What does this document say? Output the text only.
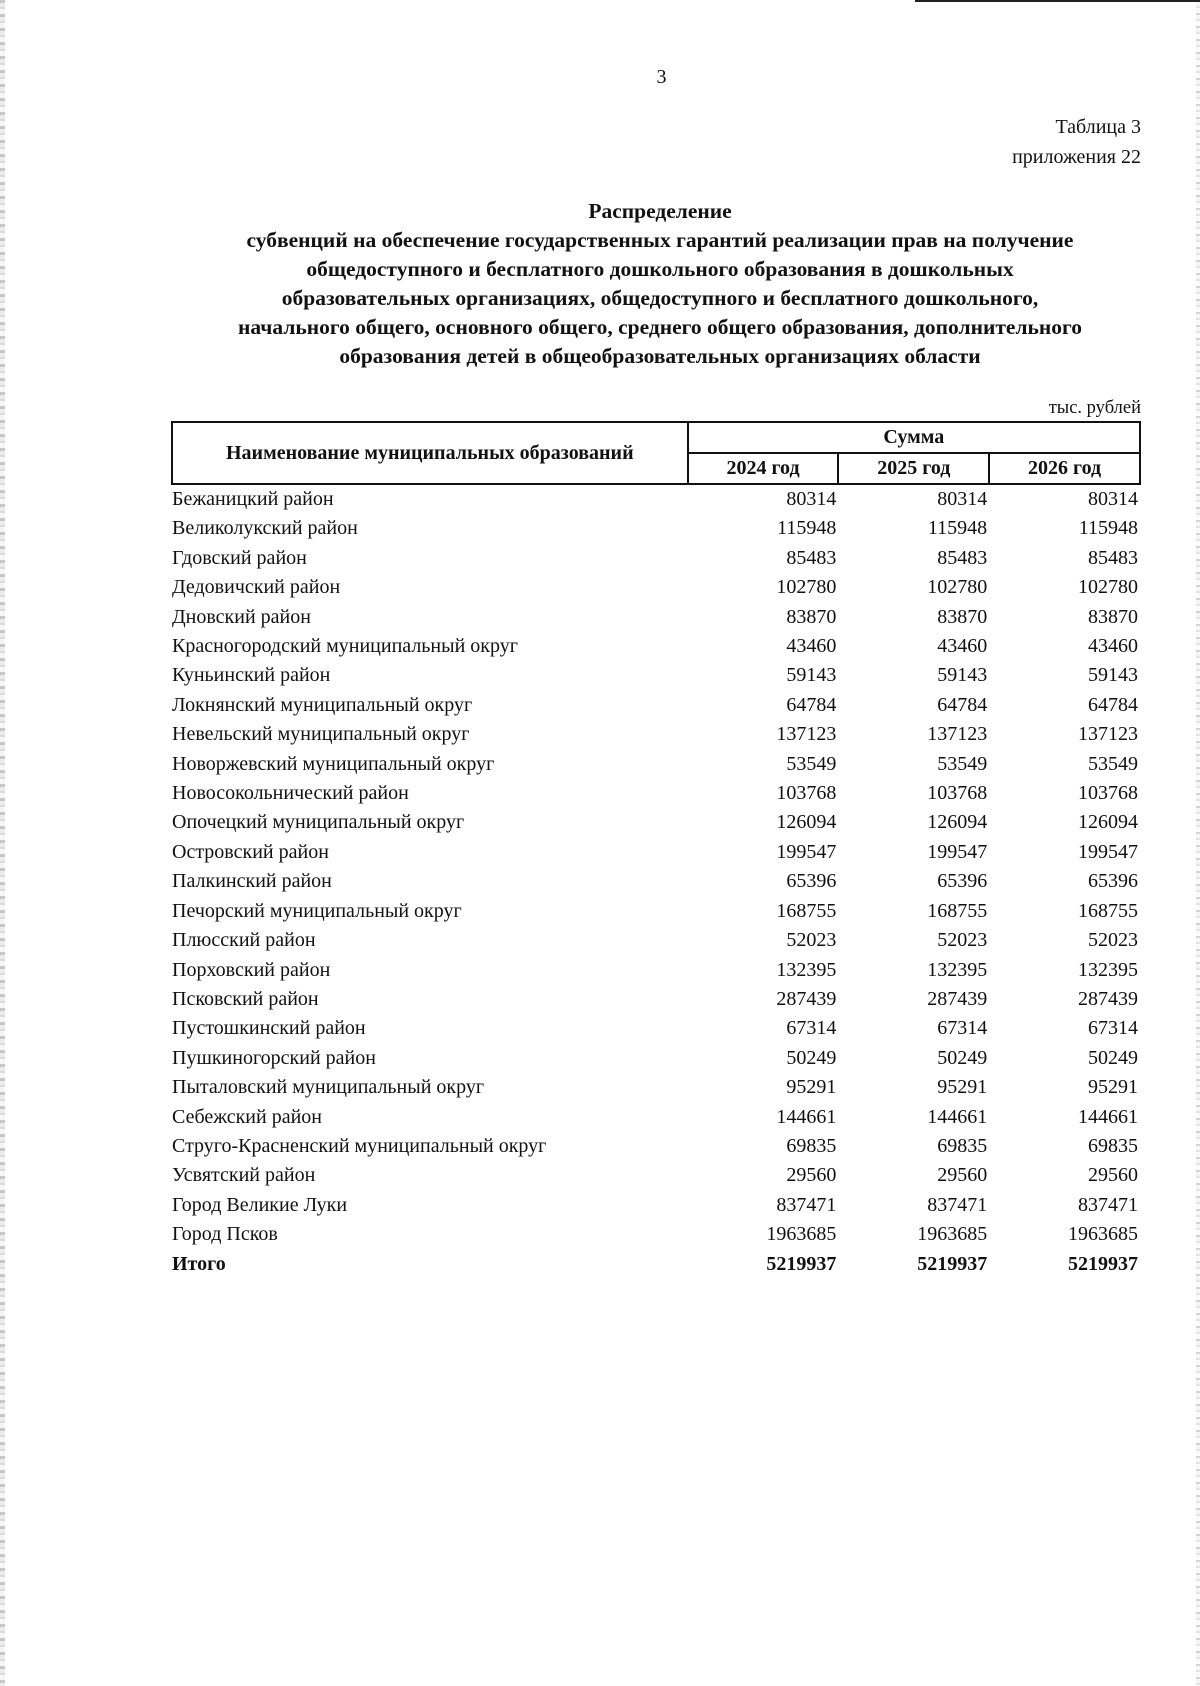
3
Таблица 3
приложения 22
Распределение
субвенций на обеспечение государственных гарантий реализации прав на получение
общедоступного и бесплатного дошкольного образования в дошкольных
образовательных организациях, общедоступного и бесплатного дошкольного,
начального общего, основного общего, среднего общего образования, дополнительного
образования детей в общеобразовательных организациях области
тыс. рублей
Наименование муниципальных образований	Сумма		
	2024 год	2025 год	2026 год
Бежаницкий район	80314	80314	80314
Великолукский район	115948	115948	115948
Гдовский район	85483	85483	85483
Дедовичский район	102780	102780	102780
Дновский район	83870	83870	83870
Красногородский муниципальный округ	43460	43460	43460
Куньинский район	59143	59143	59143
Локнянский муниципальный округ	64784	64784	64784
Невельский муниципальный округ	137123	137123	137123
Новоржевский муниципальный округ	53549	53549	53549
Новосокольнический район	103768	103768	103768
Опочецкий муниципальный округ	126094	126094	126094
Островский район	199547	199547	199547
Палкинский район	65396	65396	65396
Печорский муниципальный округ	168755	168755	168755
Плюсский район	52023	52023	52023
Порховский район	132395	132395	132395
Псковский район	287439	287439	287439
Пустошкинский район	67314	67314	67314
Пушкиногорский район	50249	50249	50249
Пыталовский муниципальный округ	95291	95291	95291
Себежский район	144661	144661	144661
Струго-Красненский муниципальный округ	69835	69835	69835
Усвятский район	29560	29560	29560
Город Великие Луки	837471	837471	837471
Город Псков	1963685	1963685	1963685
Итого	5219937	5219937	5219937
